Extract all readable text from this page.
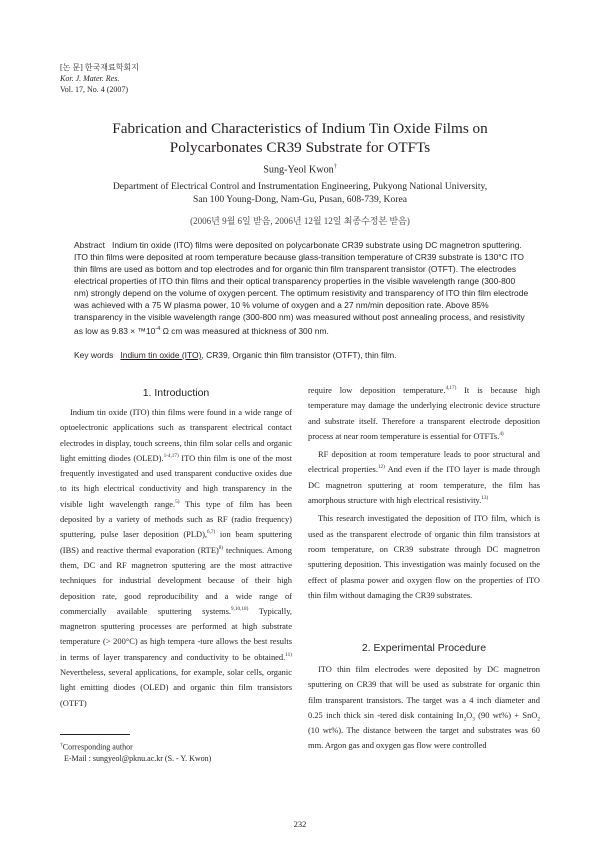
[논 문] 한국재료학회지
Kor. J. Mater. Res.
Vol. 17, No. 4 (2007)
Fabrication and Characteristics of Indium Tin Oxide Films on
Polycarbonates CR39 Substrate for OTFTs
Sung-Yeol Kwon†
Department of Electrical Control and Instrumentation Engineering, Pukyong National University,
San 100 Young-Dong, Nam-Gu, Pusan, 608-739, Korea
(2006년 9월 6일 받음, 2006년 12월 12일 최종수정본 받음)

Abstract Indium tin oxide (ITO) films were deposited on polycarbonate CR39 substrate using DC magnetron sputtering. ITO thin films were deposited at room temperature because glass-transition temperature of CR39 substrate is 130°C ITO thin films are used as bottom and top electrodes and for organic thin film transparent transistor (OTFT). The electrodes electrical properties of ITO thin films and their optical transparency properties in the visible wavelength range (300-800 nm) strongly depend on the volume of oxygen percent. The optimum resistivity and transparency of ITO thin film electrode was achieved with a 75 W plasma power, 10 % volume of oxygen and a 27 nm/min deposition rate. Above 85% transparency in the visible wavelength range (300-800 nm) was measured without post annealing process, and resistivity as low as $9.83 \times ™10^{-4}$ Ω cm was measured at thickness of 300 nm.

Key words Indium tin oxide (ITO), CR39, Organic thin film transistor (OTFT), thin film.
1. Introduction

Indium tin oxide (ITO) thin films were found in a wide range of optoelectronic applications such as transparent electrical contact electrodes in display, touch screens, thin film solar cells and organic light emitting diodes (OLED).$^{1-4,17)}$ ITO thin film is one of the most frequently investigated and used transparent conductive oxides due to its high electrical conductivity and high transparency in the visible light wavelength range.$^{5)}$ This type of film has been deposited by a variety of methods such as RF (radio frequency) sputtering, pulse laser deposition (PLD),$^{6,7)}$ ion beam sputtering (IBS) and reactive thermal evaporation (RTE)$^{8)}$ techniques. Among them, DC and RF magnetron sputtering are the most attractive techniques for industrial development because of their high deposition rate, good reproducibility and a wide range of commercially available sputtering systems.$^{9,10,18)}$ Typically, magnetron sputtering processes are performed at high substrate temperature (> 200°C) as high tempera -ture allows the best results in terms of layer transparency and conductivity to be obtained.$^{11)}$ Nevertheless, several applications, for example, solar cells, organic light emitting diodes (OLED) and organic thin film transistors (OTFT)

require low deposition temperature.$^{4,17)}$ It is because high temperature may damage the underlying electronic device structure and substrate itself. Therefore a transparent electrode deposition process at near room temperature is essential for OTFTs.$^{4)}$

RF deposition at room temperature leads to poor structural and electrical properties.$^{12)}$ And even if the ITO layer is made through DC magnetron sputtering at room temperature, the film has amorphous structure with high electrical resistivity.$^{13)}$

This research investigated the deposition of ITO film, which is used as the transparent electrode of organic thin film transistors at room temperature, on CR39 substrate through DC magnetron sputtering deposition. This investigation was mainly focused on the effect of plasma power and oxygen flow on the properties of ITO thin film without damaging the CR39 substrates.

2. Experimental Procedure

ITO thin film electrodes were deposited by DC magnetron sputtering on CR39 that will be used as substrate for organic thin film transparent transistors. The target was a 4 inch diameter and 0.25 inch thick sin -tered disk containing $In_2O_3$ (90 wt%) + SnO$_2$ (10 wt%). The distance between the target and substrates was 60 mm. Argon gas and oxygen gas flow were controlled

†Corresponding author
E-Mail : sungyeol@pknu.ac.kr (S. - Y. Kwon)
232
